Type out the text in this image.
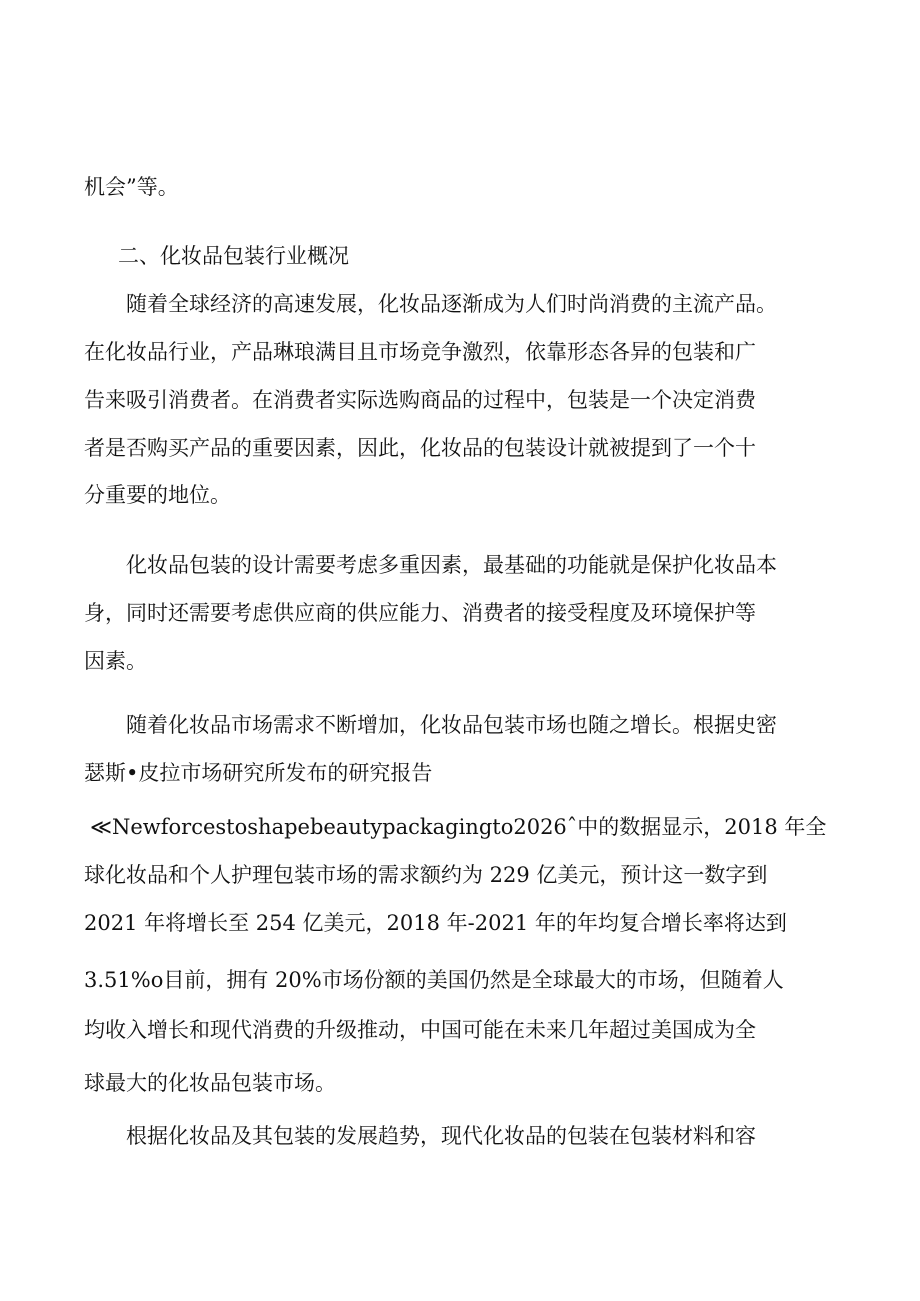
机会”等。
二、化妆品包装行业概况
随着全球经济的高速发展，化妆品逐渐成为人们时尚消费的主流产品。
在化妆品行业，产品琳琅满目且市场竞争激烈，依靠形态各异的包装和广
告来吸引消费者。在消费者实际选购商品的过程中，包装是一个决定消费
者是否购买产品的重要因素，因此，化妆品的包装设计就被提到了一个十
分重要的地位。
化妆品包装的设计需要考虑多重因素，最基础的功能就是保护化妆品本
身，同时还需要考虑供应商的供应能力、消费者的接受程度及环境保护等
因素。
随着化妆品市场需求不断增加，化妆品包装市场也随之增长。根据史密
瑟斯•皮拉市场研究所发布的研究报告
≪Newforcestoshapebeautypackagingto2026ˆ中的数据显示，2018 年全
球化妆品和个人护理包装市场的需求额约为 229 亿美元，预计这一数字到
2021 年将增长至 254 亿美元，2018 年-2021 年的年均复合增长率将达到
3.51%o目前，拥有 20%市场份额的美国仍然是全球最大的市场，但随着人
均收入增长和现代消费的升级推动，中国可能在未来几年超过美国成为全
球最大的化妆品包装市场。
根据化妆品及其包装的发展趋势，现代化妆品的包装在包装材料和容
